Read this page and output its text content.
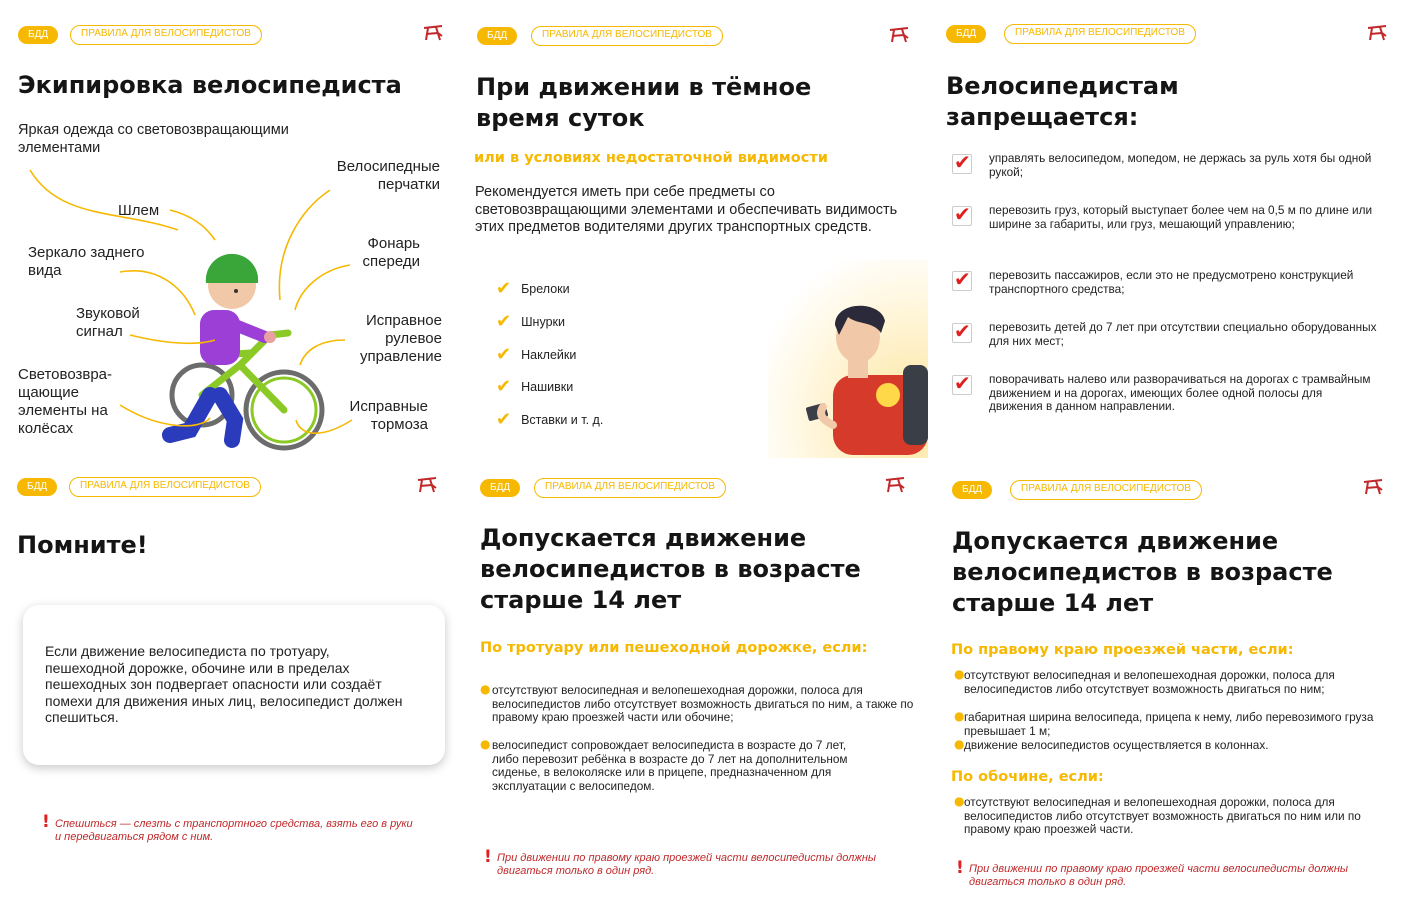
БДД	ПРАВИЛА ДЛЯ ВЕЛОСИПЕДИСТОВ
Экипировка велосипедиста
Яркая одежда со световозвращающими элементами
Велосипедные перчатки
Шлем
Зеркало заднего вида
Фонарь спереди
Звуковой сигнал
Исправное рулевое управление
Световозвра-щающие элементы на колёсах
Исправные тормоза
БДД	ПРАВИЛА ДЛЯ ВЕЛОСИПЕДИСТОВ
При движении в тёмное время суток
или в условиях недостаточной видимости
Рекомендуется иметь при себе предметы со световозвращающими элементами и обеспечивать видимость этих предметов водителями других транспортных средств.
✔ Брелоки
✔ Шнурки
✔ Наклейки
✔ Нашивки
✔ Вставки и т. д.
БДД	ПРАВИЛА ДЛЯ ВЕЛОСИПЕДИСТОВ
Велосипедистам запрещается:
✔ управлять велосипедом, мопедом, не держась за руль хотя бы одной рукой;
✔ перевозить груз, который выступает более чем на 0,5 м по длине или ширине за габариты, или груз, мешающий управлению;
✔ перевозить пассажиров, если это не предусмотрено конструкцией транспортного средства;
✔ перевозить детей до 7 лет при отсутствии специально оборудованных для них мест;
✔ поворачивать налево или разворачиваться на дорогах с трамвайным движением и на дорогах, имеющих более одной полосы для движения в данном направлении.
БДД	ПРАВИЛА ДЛЯ ВЕЛОСИПЕДИСТОВ
Помните!
Если движение велосипедиста по тротуару, пешеходной дорожке, обочине или в пределах пешеходных зон подвергает опасности или создаёт помехи для движения иных лиц, велосипедист должен спешиться.
! Спешиться — слезть с транспортного средства, взять его в руки и передвигаться рядом с ним.
БДД	ПРАВИЛА ДЛЯ ВЕЛОСИПЕДИСТОВ
Допускается движение велосипедистов в возрасте старше 14 лет
По тротуару или пешеходной дорожке, если:
● отсутствуют велосипедная и велопешеходная дорожки, полоса для велосипедистов либо отсутствует возможность двигаться по ним, а также по правому краю проезжей части или обочине;
● велосипедист сопровождает велосипедиста в возрасте до 7 лет, либо перевозит ребёнка в возрасте до 7 лет на дополнительном сиденье, в велоколяске или в прицепе, предназначенном для эксплуатации с велосипедом.
! При движении по правому краю проезжей части велосипедисты должны двигаться только в один ряд.
БДД	ПРАВИЛА ДЛЯ ВЕЛОСИПЕДИСТОВ
Допускается движение велосипедистов в возрасте старше 14 лет
По правому краю проезжей части, если:
● отсутствуют велосипедная и велопешеходная дорожки, полоса для велосипедистов либо отсутствует возможность двигаться по ним;
● габаритная ширина велосипеда, прицепа к нему, либо перевозимого груза превышает 1 м;
● движение велосипедистов осуществляется в колоннах.
По обочине, если:
● отсутствуют велосипедная и велопешеходная дорожки, полоса для велосипедистов либо отсутствует возможность двигаться по ним или по правому краю проезжей части.
! При движении по правому краю проезжей части велосипедисты должны двигаться только в один ряд.
